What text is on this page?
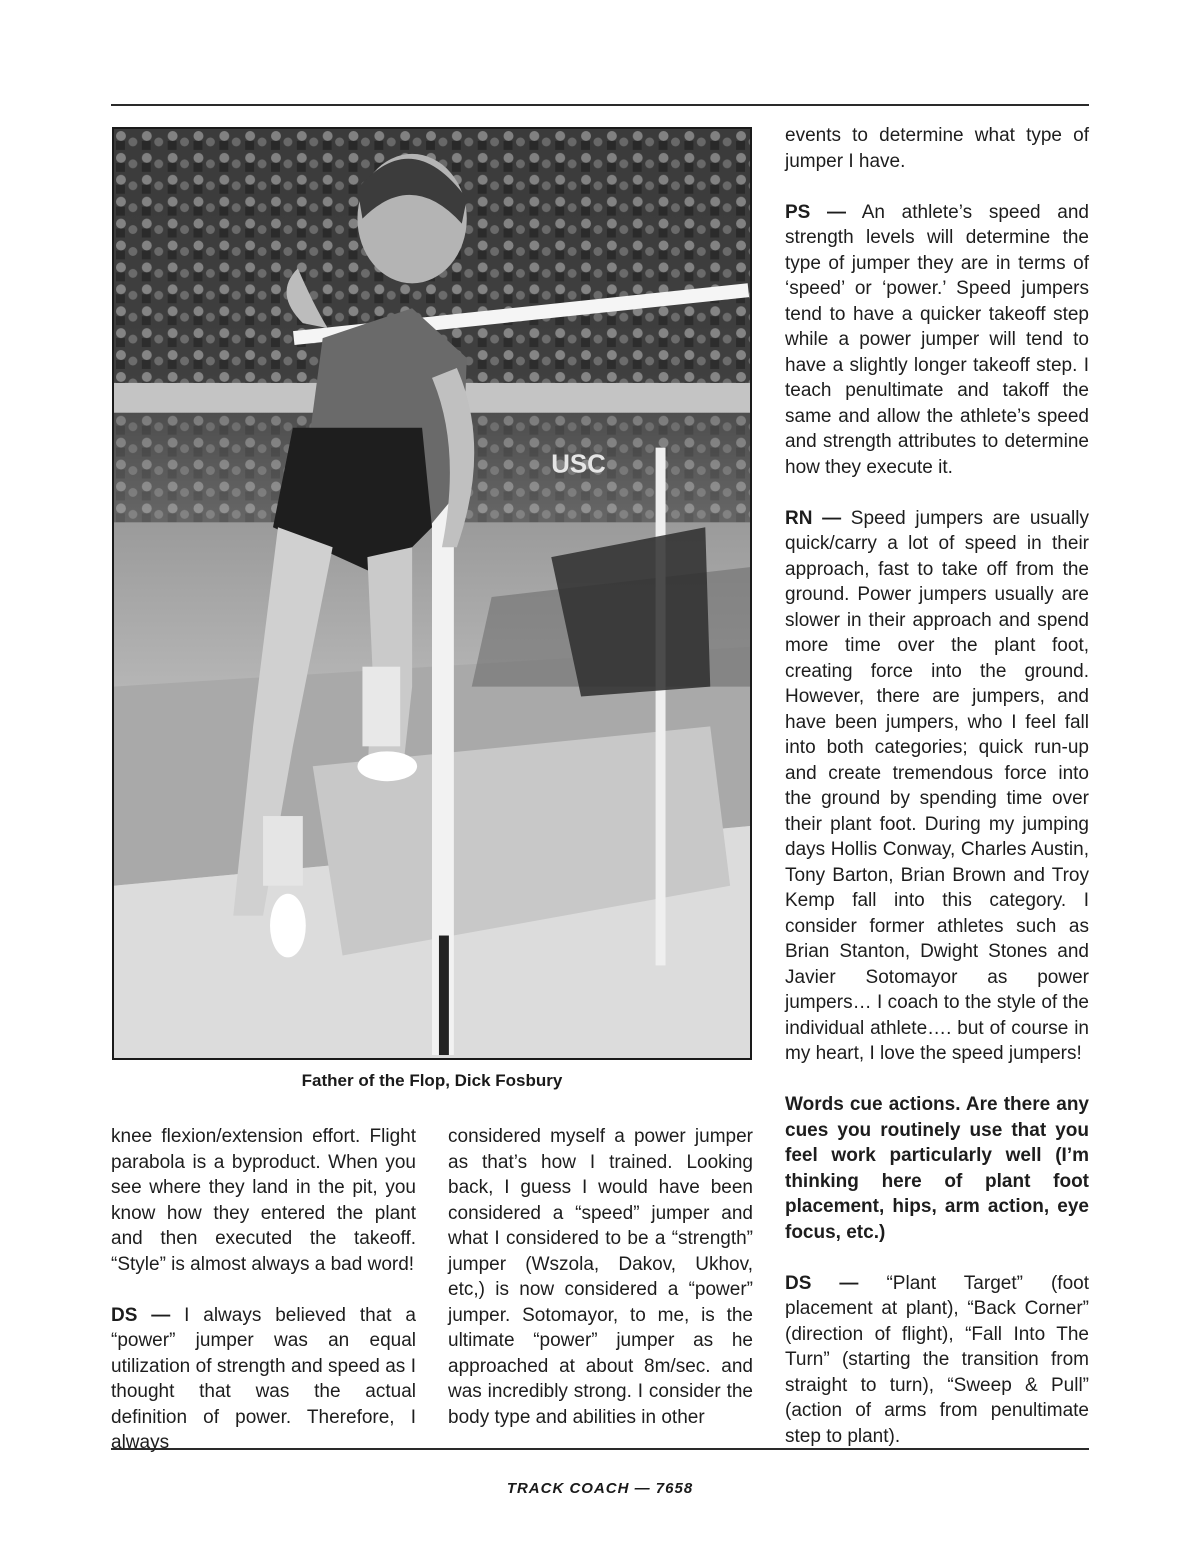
USC
Father of the Flop, Dick Fosbury

knee flexion/extension effort. Flight parabola is a byproduct. When you see where they land in the pit, you know how they entered the plant and then executed the takeoff. “Style” is almost always a bad word!

DS — I always believed that a “power” jumper was an equal utilization of strength and speed as I thought that was the actual definition of power. Therefore, I always

considered myself a power jumper as that’s how I trained. Looking back, I guess I would have been considered a “speed” jumper and what I considered to be a “strength” jumper (Wszola, Dakov, Ukhov, etc,) is now considered a “power” jumper. Sotomayor, to me, is the ultimate “power” jumper as he approached at about 8m/sec. and was incredibly strong. I consider the body type and abilities in other

events to determine what type of jumper I have.

PS — An athlete’s speed and strength levels will determine the type of jumper they are in terms of ‘speed’ or ‘power.’ Speed jumpers tend to have a quicker takeoff step while a power jumper will tend to have a slightly longer takeoff step. I teach penultimate and takoff the same and allow the athlete’s speed and strength attributes to determine how they execute it.

RN — Speed jumpers are usually quick/carry a lot of speed in their approach, fast to take off from the ground. Power jumpers usually are slower in their approach and spend more time over the plant foot, creating force into the ground. However, there are jumpers, and have been jumpers, who I feel fall into both categories; quick run-up and create tremendous force into the ground by spending time over their plant foot. During my jumping days Hollis Conway, Charles Austin, Tony Barton, Brian Brown and Troy Kemp fall into this category. I consider former athletes such as Brian Stanton, Dwight Stones and Javier Sotomayor as power jumpers… I coach to the style of the individual athlete…. but of course in my heart, I love the speed jumpers!

Words cue actions. Are there any cues you routinely use that you feel work particularly well (I’m thinking here of plant foot placement, hips, arm action, eye focus, etc.)

DS — “Plant Target” (foot placement at plant), “Back Corner” (direction of flight), “Fall Into The Turn” (starting the transition from straight to turn), “Sweep & Pull” (action of arms from penultimate step to plant).

TRACK COACH — 7658
